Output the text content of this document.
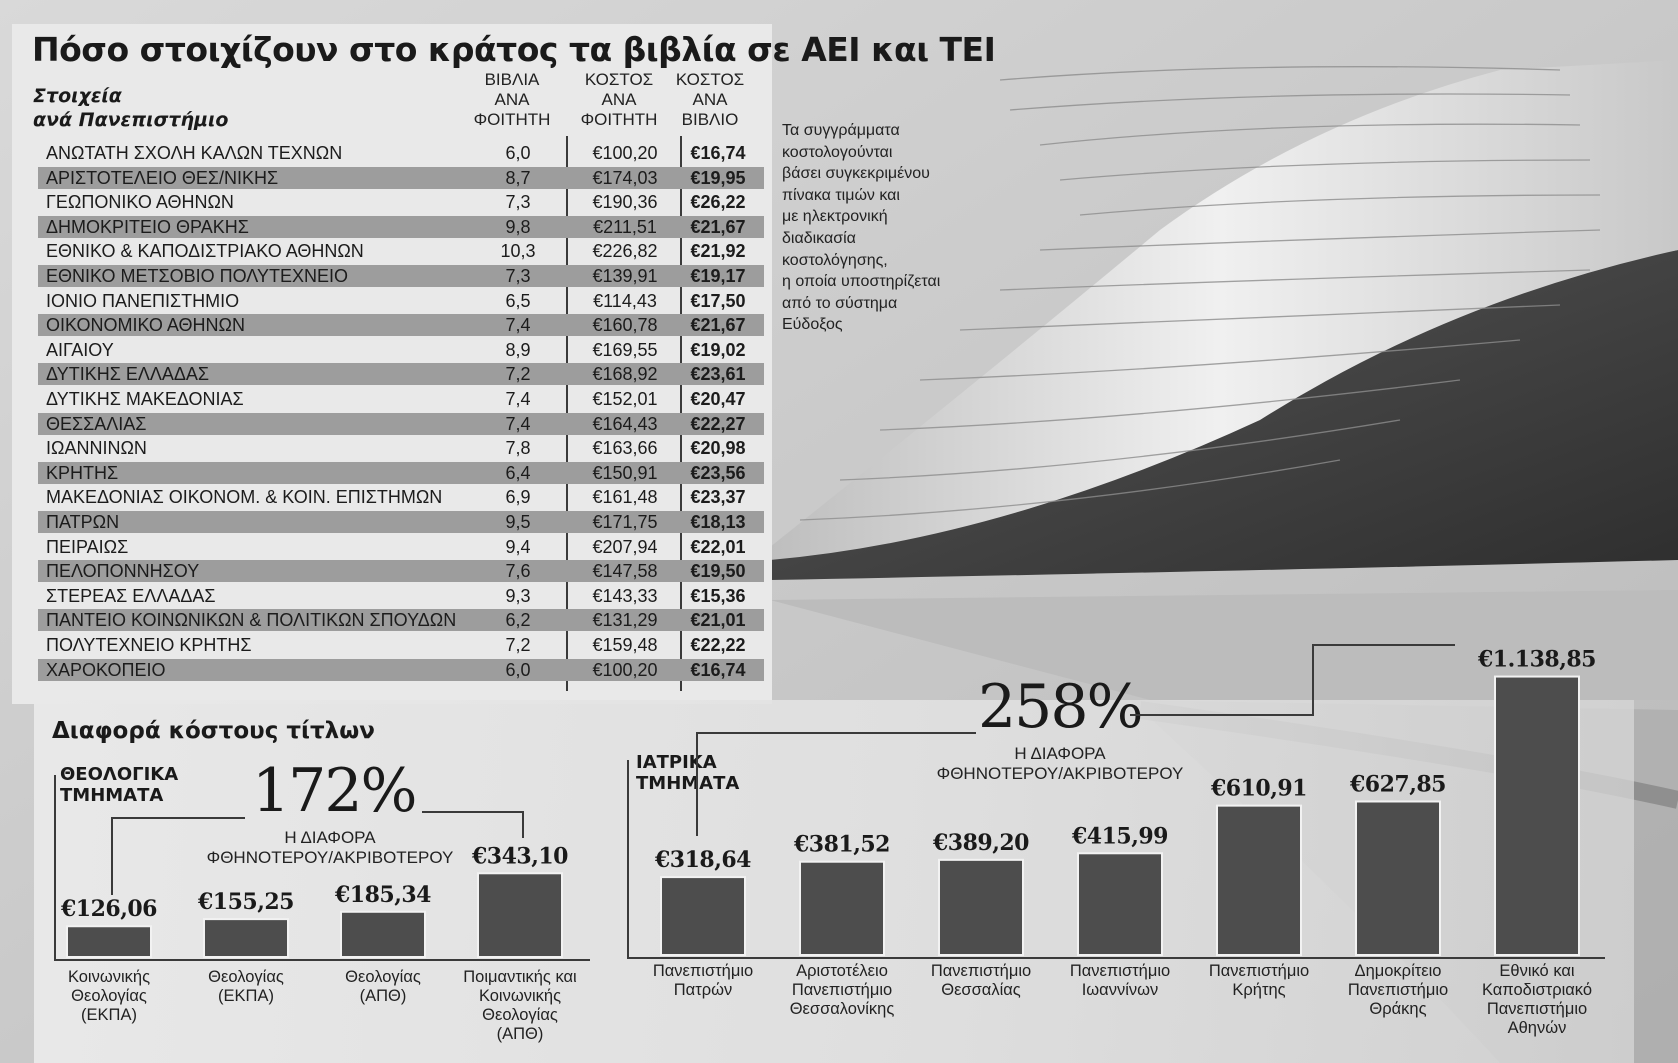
Πόσο στοιχίζουν στο κράτος τα βιβλία σε ΑΕΙ και ΤΕΙ
Στοιχεία
ανά Πανεπιστήμιο
ΒΙΒΛΙΑ
ΑΝΑ
ΦΟΙΤΗΤΗ
ΚΟΣΤΟΣ
ΑΝΑ
ΦΟΙΤΗΤΗ
ΚΟΣΤΟΣ
ΑΝΑ
ΒΙΒΛΙΟ
ΑΝΩΤΑΤΗ ΣΧΟΛΗ ΚΑΛΩΝ ΤΕΧΝΩΝ	6,0	€100,20	€16,74
ΑΡΙΣΤΟΤΕΛΕΙΟ ΘΕΣ/ΝΙΚΗΣ	8,7	€174,03	€19,95
ΓΕΩΠΟΝΙΚΟ ΑΘΗΝΩΝ	7,3	€190,36	€26,22
ΔΗΜΟΚΡΙΤΕΙΟ ΘΡΑΚΗΣ	9,8	€211,51	€21,67
ΕΘΝΙΚΟ & ΚΑΠΟΔΙΣΤΡΙΑΚΟ ΑΘΗΝΩΝ	10,3	€226,82	€21,92
ΕΘΝΙΚΟ ΜΕΤΣΟΒΙΟ ΠΟΛΥΤΕΧΝΕΙΟ	7,3	€139,91	€19,17
ΙΟΝΙΟ ΠΑΝΕΠΙΣΤΗΜΙΟ	6,5	€114,43	€17,50
ΟΙΚΟΝΟΜΙΚΟ ΑΘΗΝΩΝ	7,4	€160,78	€21,67
ΑΙΓΑΙΟΥ	8,9	€169,55	€19,02
ΔΥΤΙΚΗΣ ΕΛΛΑΔΑΣ	7,2	€168,92	€23,61
ΔΥΤΙΚΗΣ ΜΑΚΕΔΟΝΙΑΣ	7,4	€152,01	€20,47
ΘΕΣΣΑΛΙΑΣ	7,4	€164,43	€22,27
ΙΩΑΝΝΙΝΩΝ	7,8	€163,66	€20,98
ΚΡΗΤΗΣ	6,4	€150,91	€23,56
ΜΑΚΕΔΟΝΙΑΣ ΟΙΚΟΝΟΜ. & ΚΟΙΝ. ΕΠΙΣΤΗΜΩΝ	6,9	€161,48	€23,37
ΠΑΤΡΩΝ	9,5	€171,75	€18,13
ΠΕΙΡΑΙΩΣ	9,4	€207,94	€22,01
ΠΕΛΟΠΟΝΝΗΣΟΥ	7,6	€147,58	€19,50
ΣΤΕΡΕΑΣ ΕΛΛΑΔΑΣ	9,3	€143,33	€15,36
ΠΑΝΤΕΙΟ ΚΟΙΝΩΝΙΚΩΝ & ΠΟΛΙΤΙΚΩΝ ΣΠΟΥΔΩΝ	6,2	€131,29	€21,01
ΠΟΛΥΤΕΧΝΕΙΟ ΚΡΗΤΗΣ	7,2	€159,48	€22,22
ΧΑΡΟΚΟΠΕΙΟ	6,0	€100,20	€16,74
Τα συγγράμματα
κοστολογούνται
βάσει συγκεκριμένου
πίνακα τιμών και
με ηλεκτρονική
διαδικασία
κοστολόγησης,
η οποία υποστηρίζεται
από το σύστημα
Εύδοξος
Διαφορά κόστους τίτλων
ΘΕΟΛΟΓΙΚΑ
ΤΜΗΜΑΤΑ
ΙΑΤΡΙΚΑ
ΤΜΗΜΑΤΑ
172%
258%
Η ΔΙΑΦΟΡΑ
ΦΘΗΝΟΤΕΡΟΥ/ΑΚΡΙΒΟΤΕΡΟΥ
Η ΔΙΑΦΟΡΑ
ΦΘΗΝΟΤΕΡΟΥ/ΑΚΡΙΒΟΤΕΡΟΥ
€126,06
Κοινωνικής
Θεολογίας
(ΕΚΠΑ)
€155,25
Θεολογίας
(ΕΚΠΑ)
€185,34
Θεολογίας
(ΑΠΘ)
€343,10
Ποιμαντικής και
Κοινωνικής
Θεολογίας
(ΑΠΘ)
€318,64
Πανεπιστήμιο
Πατρών
€381,52
Αριστοτέλειο
Πανεπιστήμιο
Θεσσαλονίκης
€389,20
Πανεπιστήμιο
Θεσσαλίας
€415,99
Πανεπιστήμιο
Ιωαννίνων
€610,91
Πανεπιστήμιο
Κρήτης
€627,85
Δημοκρίτειο
Πανεπιστήμιο
Θράκης
€1.138,85
Εθνικό και
Καποδιστριακό
Πανεπιστήμιο
Αθηνών
